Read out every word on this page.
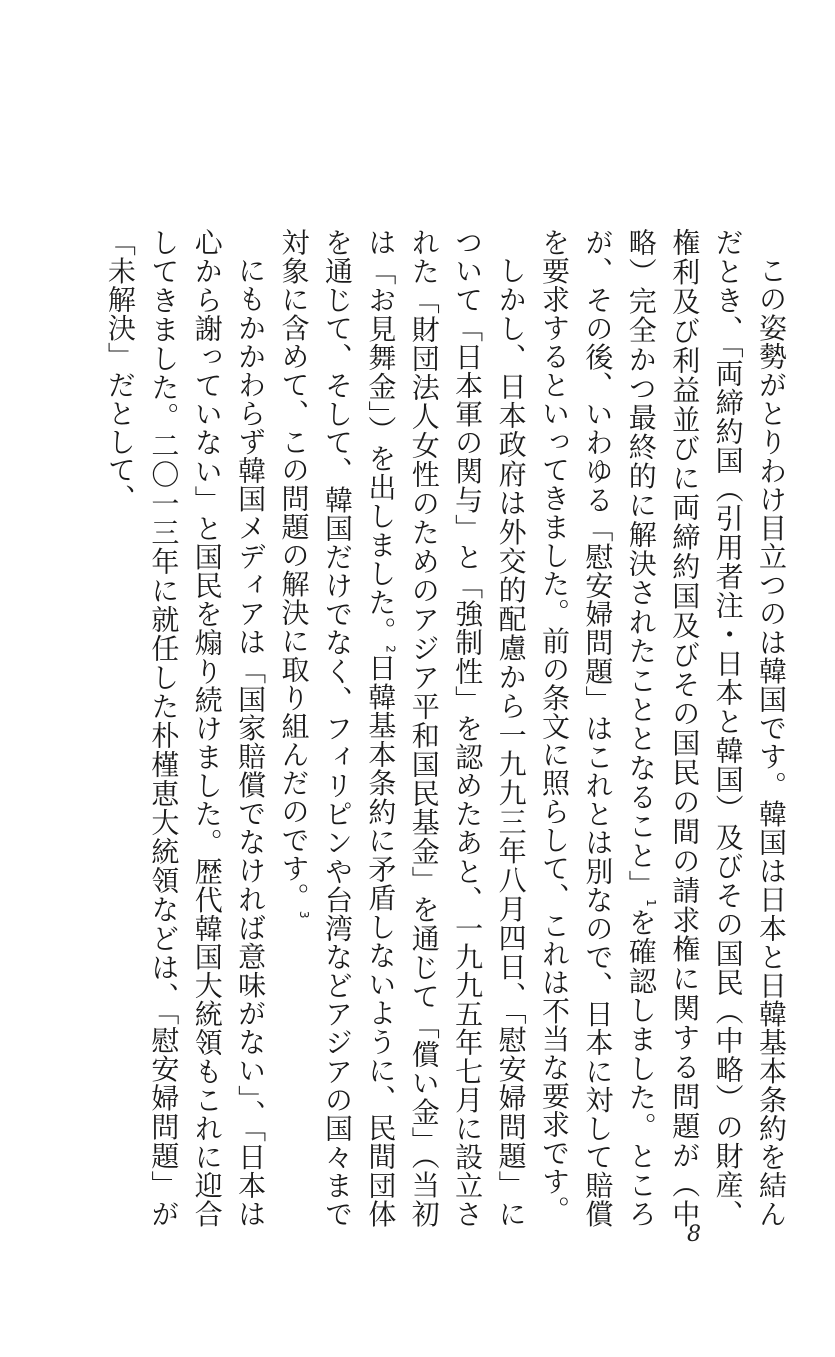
この姿勢がとりわけ目立つのは韓国です。韓国は日本と日韓基本条約を結んだとき、「両締約国（引用者注・日本と韓国）及びその国民（中略）の財産、権利及び利益並びに両締約国及びその国民の間の請求権に関する問題が（中略）完全かつ最終的に解決されたこととなること」$^1$を確認しました。ところが、その後、いわゆる「慰安婦問題」はこれとは別なので、日本に対して賠償を要求するといってきました。前の条文に照らして、これは不当な要求です。

しかし、日本政府は外交的配慮から一九九三年八月四日、「慰安婦問題」について「日本軍の関与」と「強制性」を認めたあと、一九九五年七月に設立された「財団法人女性のためのアジア平和国民基金」を通じて「償い金」（当初は「お見舞金」）を出しました。$^2$日韓基本条約に矛盾しないように、民間団体を通じて、そして、韓国だけでなく、フィリピンや台湾などアジアの国々まで対象に含めて、この問題の解決に取り組んだのです。$^3$

にもかかわらず韓国メディアは「国家賠償でなければ意味がない」、「日本は心から謝っていない」と国民を煽り続けました。歴代韓国大統領もこれに迎合してきました。二〇一三年に就任した朴槿恵大統領などは、「慰安婦問題」が「未解決」だとして、

8
